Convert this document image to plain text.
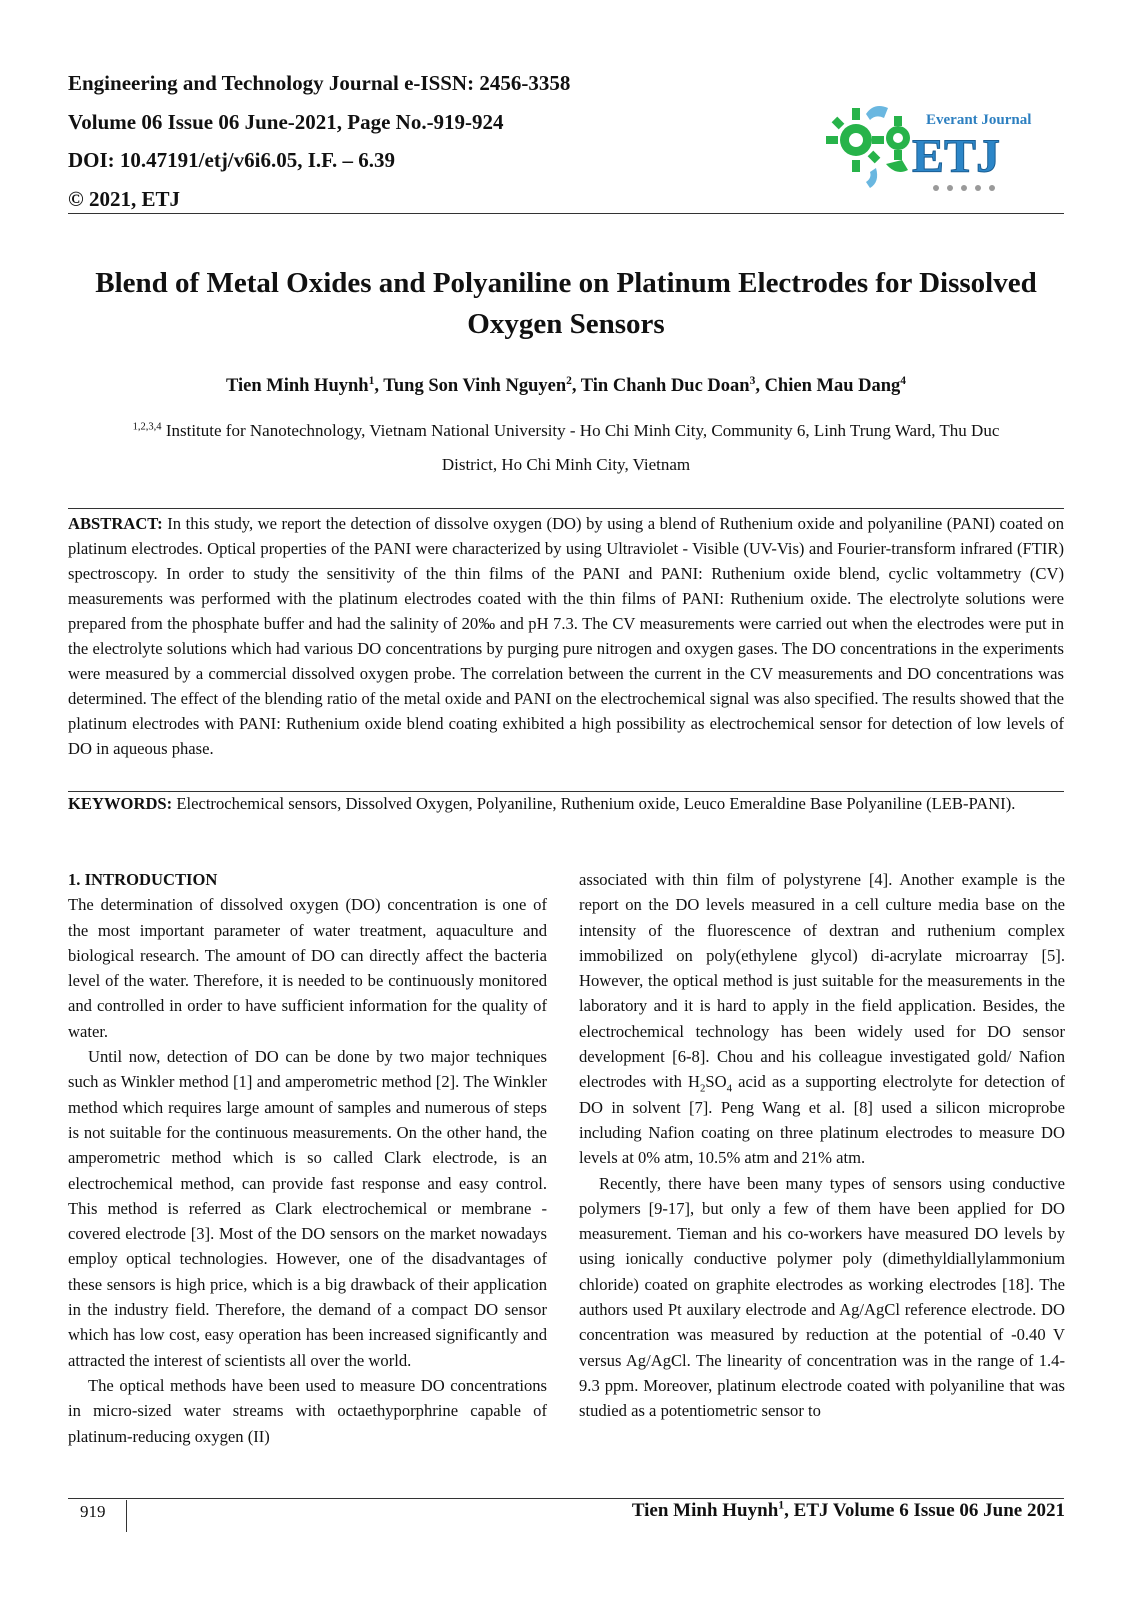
Engineering and Technology Journal e-ISSN: 2456-3358
Volume 06 Issue 06 June-2021, Page No.-919-924
DOI: 10.47191/etj/v6i6.05, I.F. – 6.39
© 2021, ETJ
Everant Journal
ETJ
Blend of Metal Oxides and Polyaniline on Platinum Electrodes for Dissolved Oxygen Sensors
Tien Minh Huynh$^1$, Tung Son Vinh Nguyen$^2$, Tin Chanh Duc Doan$^3$, Chien Mau Dang$^4$
$^{1,2,3,4}$ Institute for Nanotechnology, Vietnam National University - Ho Chi Minh City, Community 6, Linh Trung Ward, Thu Duc
District, Ho Chi Minh City, Vietnam
ABSTRACT: In this study, we report the detection of dissolve oxygen (DO) by using a blend of Ruthenium oxide and polyaniline (PANI) coated on platinum electrodes. Optical properties of the PANI were characterized by using Ultraviolet - Visible (UV-Vis) and Fourier-transform infrared (FTIR) spectroscopy. In order to study the sensitivity of the thin films of the PANI and PANI: Ruthenium oxide blend, cyclic voltammetry (CV) measurements was performed with the platinum electrodes coated with the thin films of PANI: Ruthenium oxide. The electrolyte solutions were prepared from the phosphate buffer and had the salinity of 20‰ and pH 7.3. The CV measurements were carried out when the electrodes were put in the electrolyte solutions which had various DO concentrations by purging pure nitrogen and oxygen gases. The DO concentrations in the experiments were measured by a commercial dissolved oxygen probe. The correlation between the current in the CV measurements and DO concentrations was determined. The effect of the blending ratio of the metal oxide and PANI on the electrochemical signal was also specified. The results showed that the platinum electrodes with PANI: Ruthenium oxide blend coating exhibited a high possibility as electrochemical sensor for detection of low levels of DO in aqueous phase.
KEYWORDS: Electrochemical sensors, Dissolved Oxygen, Polyaniline, Ruthenium oxide, Leuco Emeraldine Base Polyaniline (LEB-PANI).

1. INTRODUCTION

The determination of dissolved oxygen (DO) concentration is one of the most important parameter of water treatment, aquaculture and biological research. The amount of DO can directly affect the bacteria level of the water. Therefore, it is needed to be continuously monitored and controlled in order to have sufficient information for the quality of water.

Until now, detection of DO can be done by two major techniques such as Winkler method [1] and amperometric method [2]. The Winkler method which requires large amount of samples and numerous of steps is not suitable for the continuous measurements. On the other hand, the amperometric method which is so called Clark electrode, is an electrochemical method, can provide fast response and easy control. This method is referred as Clark electrochemical or membrane - covered electrode [3]. Most of the DO sensors on the market nowadays employ optical technologies. However, one of the disadvantages of these sensors is high price, which is a big drawback of their application in the industry field. Therefore, the demand of a compact DO sensor which has low cost, easy operation has been increased significantly and attracted the interest of scientists all over the world.

The optical methods have been used to measure DO concentrations in micro-sized water streams with octaethyporphrine capable of platinum-reducing oxygen (II)

associated with thin film of polystyrene [4]. Another example is the report on the DO levels measured in a cell culture media base on the intensity of the fluorescence of dextran and ruthenium complex immobilized on poly(ethylene glycol) di-acrylate microarray [5]. However, the optical method is just suitable for the measurements in the laboratory and it is hard to apply in the field application. Besides, the electrochemical technology has been widely used for DO sensor development [6-8]. Chou and his colleague investigated gold/ Nafion electrodes with $H_2SO_4$ acid as a supporting electrolyte for detection of DO in solvent [7]. Peng Wang et al. [8] used a silicon microprobe including Nafion coating on three platinum electrodes to measure DO levels at 0% atm, 10.5% atm and 21% atm.

Recently, there have been many types of sensors using conductive polymers [9-17], but only a few of them have been applied for DO measurement. Tieman and his co-workers have measured DO levels by using ionically conductive polymer poly (dimethyldiallylammonium chloride) coated on graphite electrodes as working electrodes [18]. The authors used Pt auxilary electrode and Ag/AgCl reference electrode. DO concentration was measured by reduction at the potential of -0.40 V versus Ag/AgCl. The linearity of concentration was in the range of 1.4-9.3 ppm. Moreover, platinum electrode coated with polyaniline that was studied as a potentiometric sensor to

919	Tien Minh Huynh$^1$, ETJ Volume 6 Issue 06 June 2021
